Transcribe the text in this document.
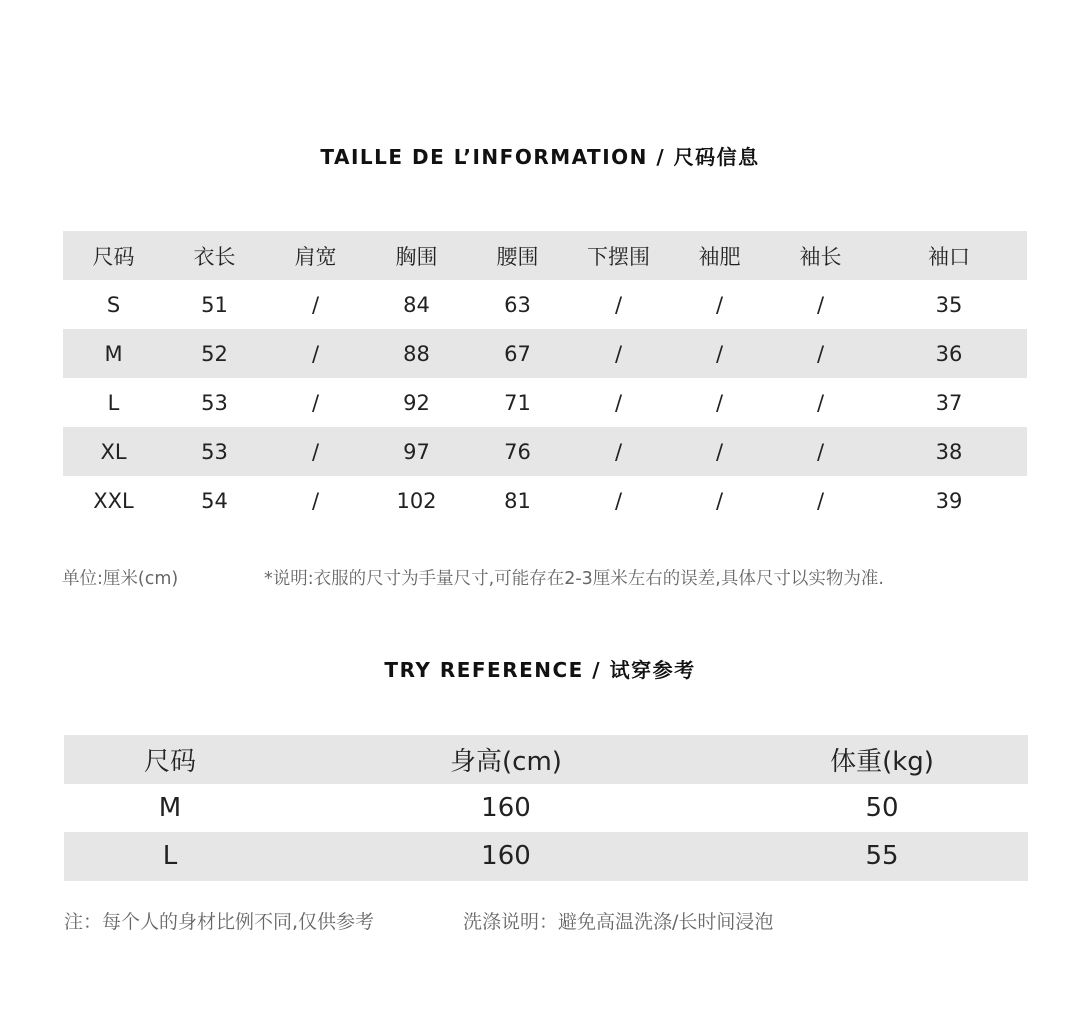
TAILLE DE L’INFORMATION / 尺码信息
尺码	衣长	肩宽	胸围	腰围	下摆围	袖肥	袖长	袖口
S	51	/	84	63	/	/	/	35
M	52	/	88	67	/	/	/	36
L	53	/	92	71	/	/	/	37
XL	53	/	97	76	/	/	/	38
XXL	54	/	102	81	/	/	/	39
单位:厘米(cm)	*说明:衣服的尺寸为手量尺寸,可能存在2-3厘米左右的误差,具体尺寸以实物为准.
TRY REFERENCE / 试穿参考
尺码	身高(cm)	体重(kg)
M	160	50
L	160	55
注：每个人的身材比例不同,仅供参考	洗涤说明：避免高温洗涤/长时间浸泡
